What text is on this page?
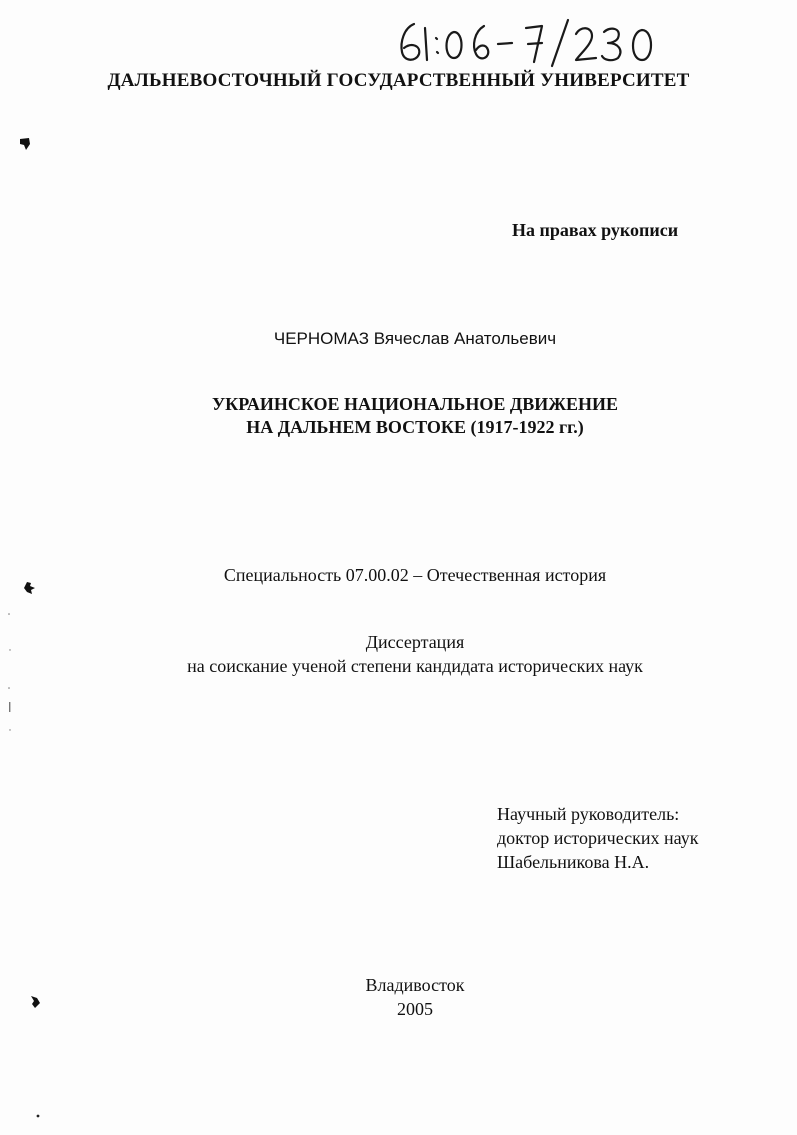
ДАЛЬНЕВОСТОЧНЫЙ ГОСУДАРСТВЕННЫЙ УНИВЕРСИТЕТ
На правах рукописи
ЧЕРНОМАЗ Вячеслав Анатольевич
УКРАИНСКОЕ НАЦИОНАЛЬНОЕ ДВИЖЕНИЕ
НА ДАЛЬНЕМ ВОСТОКЕ (1917-1922 гг.)
Специальность 07.00.02 – Отечественная история
Диссертация
на соискание ученой степени кандидата исторических наук
Научный руководитель:
доктор исторических наук
Шабельникова Н.А.
Владивосток
2005
